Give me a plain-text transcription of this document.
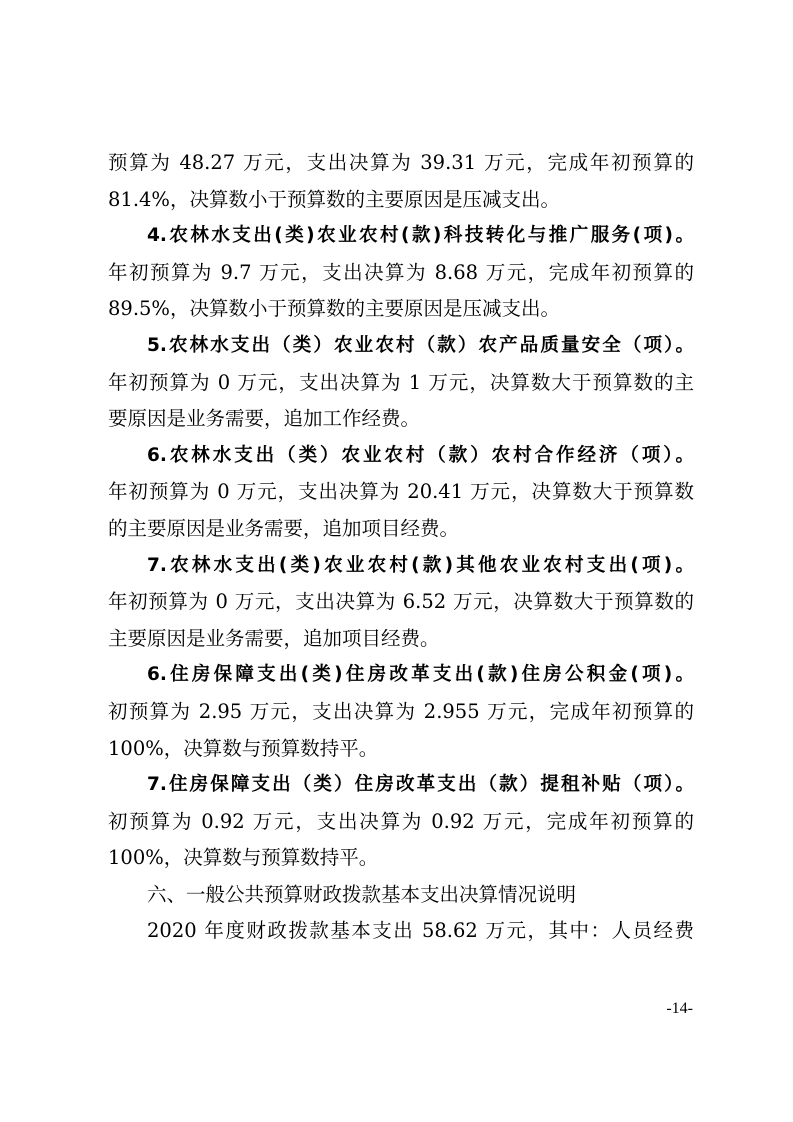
预算为 48.27 万元，支出决算为 39.31 万元，完成年初预算的
81.4%，决算数小于预算数的主要原因是压减支出。
4.农林水支出(类)农业农村(款)科技转化与推广服务(项)。
年初预算为 9.7 万元，支出决算为 8.68 万元，完成年初预算的
89.5%，决算数小于预算数的主要原因是压减支出。
5.农林水支出（类）农业农村（款）农产品质量安全（项）。
年初预算为 0 万元，支出决算为 1 万元，决算数大于预算数的主
要原因是业务需要，追加工作经费。
6.农林水支出（类）农业农村（款）农村合作经济（项）。
年初预算为 0 万元，支出决算为 20.41 万元，决算数大于预算数
的主要原因是业务需要，追加项目经费。
7.农林水支出(类)农业农村(款)其他农业农村支出(项)。
年初预算为 0 万元，支出决算为 6.52 万元，决算数大于预算数的
主要原因是业务需要，追加项目经费。
6.住房保障支出(类)住房改革支出(款)住房公积金(项)。
初预算为 2.95 万元，支出决算为 2.955 万元，完成年初预算的
100%，决算数与预算数持平。
7.住房保障支出（类）住房改革支出（款）提租补贴（项）。
初预算为 0.92 万元，支出决算为 0.92 万元，完成年初预算的
100%，决算数与预算数持平。
六、一般公共预算财政拨款基本支出决算情况说明
2020 年度财政拨款基本支出 58.62 万元，其中：人员经费
-14-
